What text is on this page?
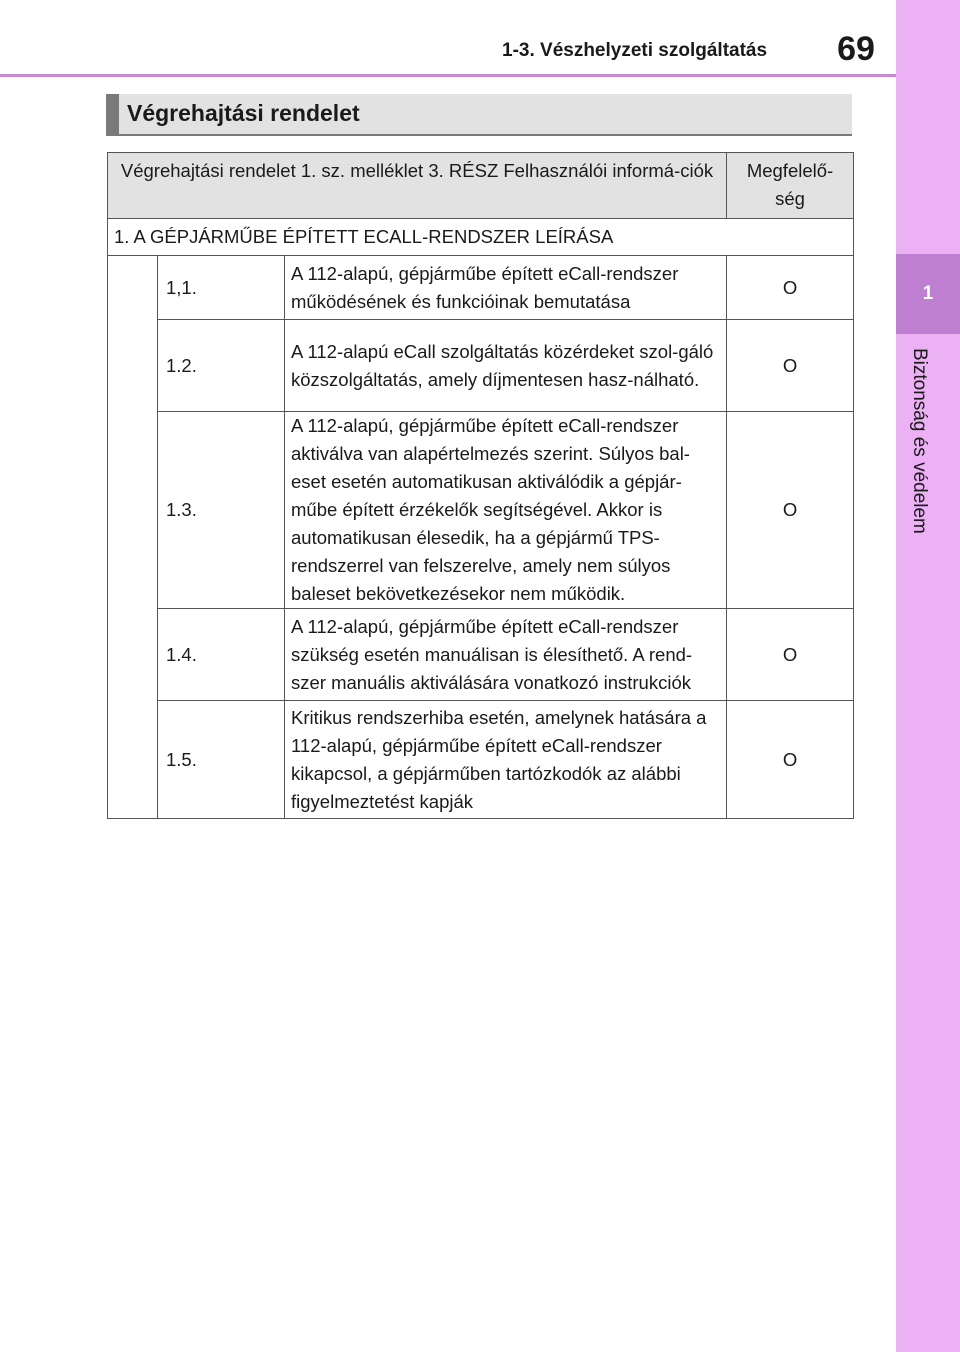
1-3. Vészhelyzeti szolgáltatás	69
1
Biztonság és védelem
Végrehajtási rendelet
Végrehajtási rendelet 1. sz. melléklet 3. RÉSZ Felhasználói informá-ciók			Megfelelő-ség
1. A GÉPJÁRMŰBE ÉPÍTETT ECALL-RENDSZER LEÍRÁSA			
	1,1.	A 112-alapú, gépjárműbe épített eCall-rendszer működésének és funkcióinak bemutatása	O
	1.2.	A 112-alapú eCall szolgáltatás közérdeket szol-gáló közszolgáltatás, amely díjmentesen hasz-nálható.	O
	1.3.	A 112-alapú, gépjárműbe épített eCall-rendszer aktiválva van alapértelmezés szerint. Súlyos bal-eset esetén automatikusan aktiválódik a gépjár-műbe épített érzékelők segítségével. Akkor is automatikusan élesedik, ha a gépjármű TPS-rendszerrel van felszerelve, amely nem súlyos baleset bekövetkezésekor nem működik.	O
	1.4.	A 112-alapú, gépjárműbe épített eCall-rendszer szükség esetén manuálisan is élesíthető. A rend-szer manuális aktiválására vonatkozó instrukciók	O
	1.5.	Kritikus rendszerhiba esetén, amelynek hatására a 112-alapú, gépjárműbe épített eCall-rendszer kikapcsol, a gépjárműben tartózkodók az alábbi figyelmeztetést kapják	O
